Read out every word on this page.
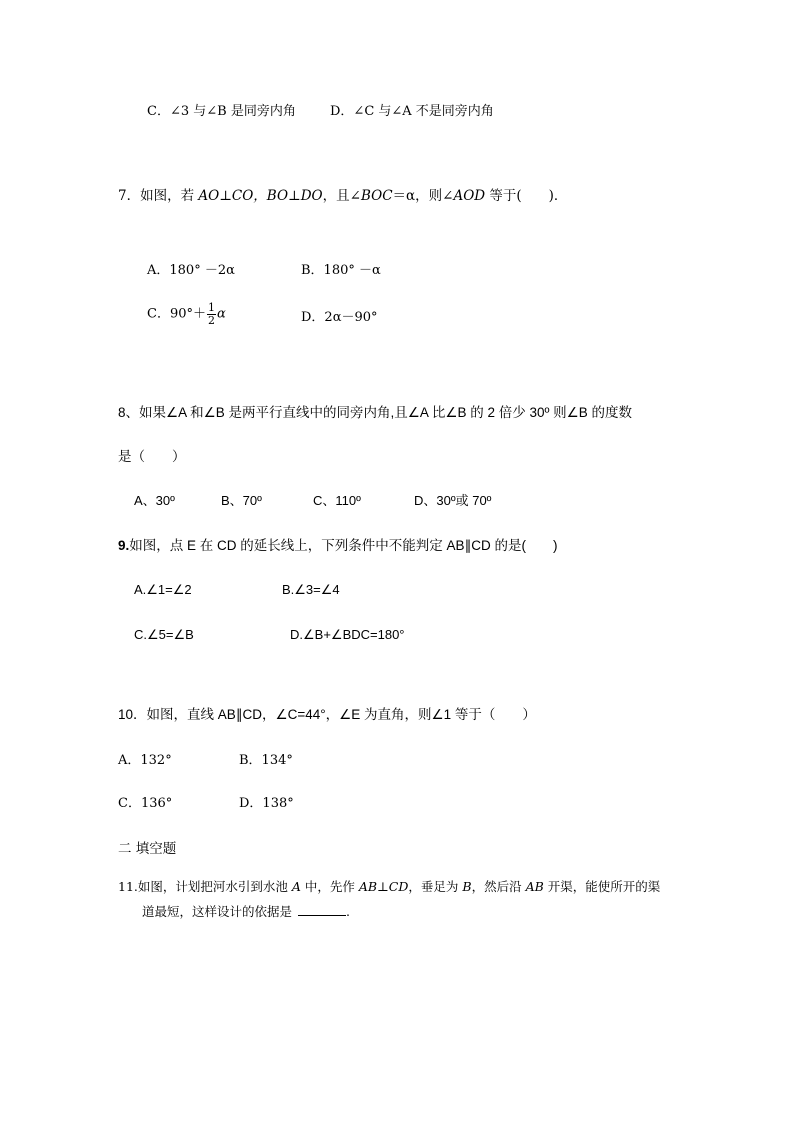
C．∠3 与∠B 是同旁内角	D．∠C 与∠A 不是同旁内角
7．如图，若 AO⊥CO，BO⊥DO，且∠BOC＝α，则∠AOD 等于(　　)．
A．180° －2α	B．180° －α
C．$90^\circ+ \frac{1}{2}$ α	D．2α－90°
8、如果∠A 和∠B 是两平行直线中的同旁内角,且∠A 比∠B 的 2 倍少 30º 则∠B 的度数
是（　　）
A、30º	B、70º	C、110º	D、30º或 70º
9.如图，点 E 在 CD 的延长线上，下列条件中不能判定 AB∥CD 的是(　　)
A.∠1=∠2	B.∠3=∠4
C.∠5=∠B	D.∠B+∠BDC=180°
10．如图，直线 AB∥CD，∠C=44°，∠E 为直角，则∠1 等于（　　）
A．132°	B．134°
C．136°	D．138°
二 填空题
11.如图，计划把河水引到水池 A 中，先作 AB⊥CD，垂足为 B，然后沿 AB 开渠，能使所开的渠
道最短，这样设计的依据是	.
